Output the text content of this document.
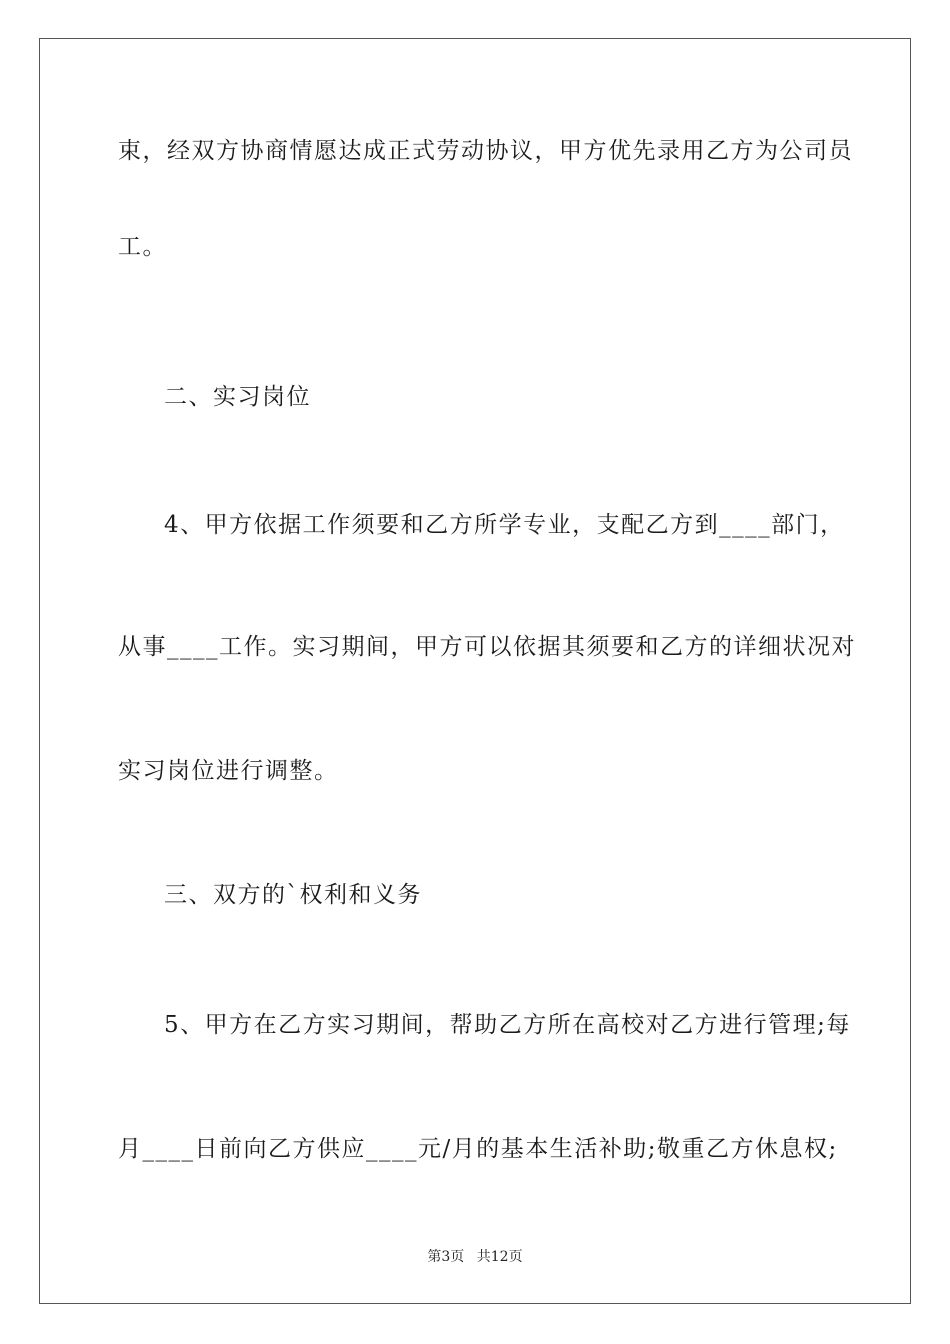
束，经双方协商情愿达成正式劳动协议，甲方优先录用乙方为公司员
工。
二、实习岗位
4、甲方依据工作须要和乙方所学专业，支配乙方到____部门，
从事____工作。实习期间，甲方可以依据其须要和乙方的详细状况对
实习岗位进行调整。
三、双方的`权利和义务
5、甲方在乙方实习期间，帮助乙方所在高校对乙方进行管理;每
月____日前向乙方供应____元/月的基本生活补助;敬重乙方休息权;
第3页 共12页
